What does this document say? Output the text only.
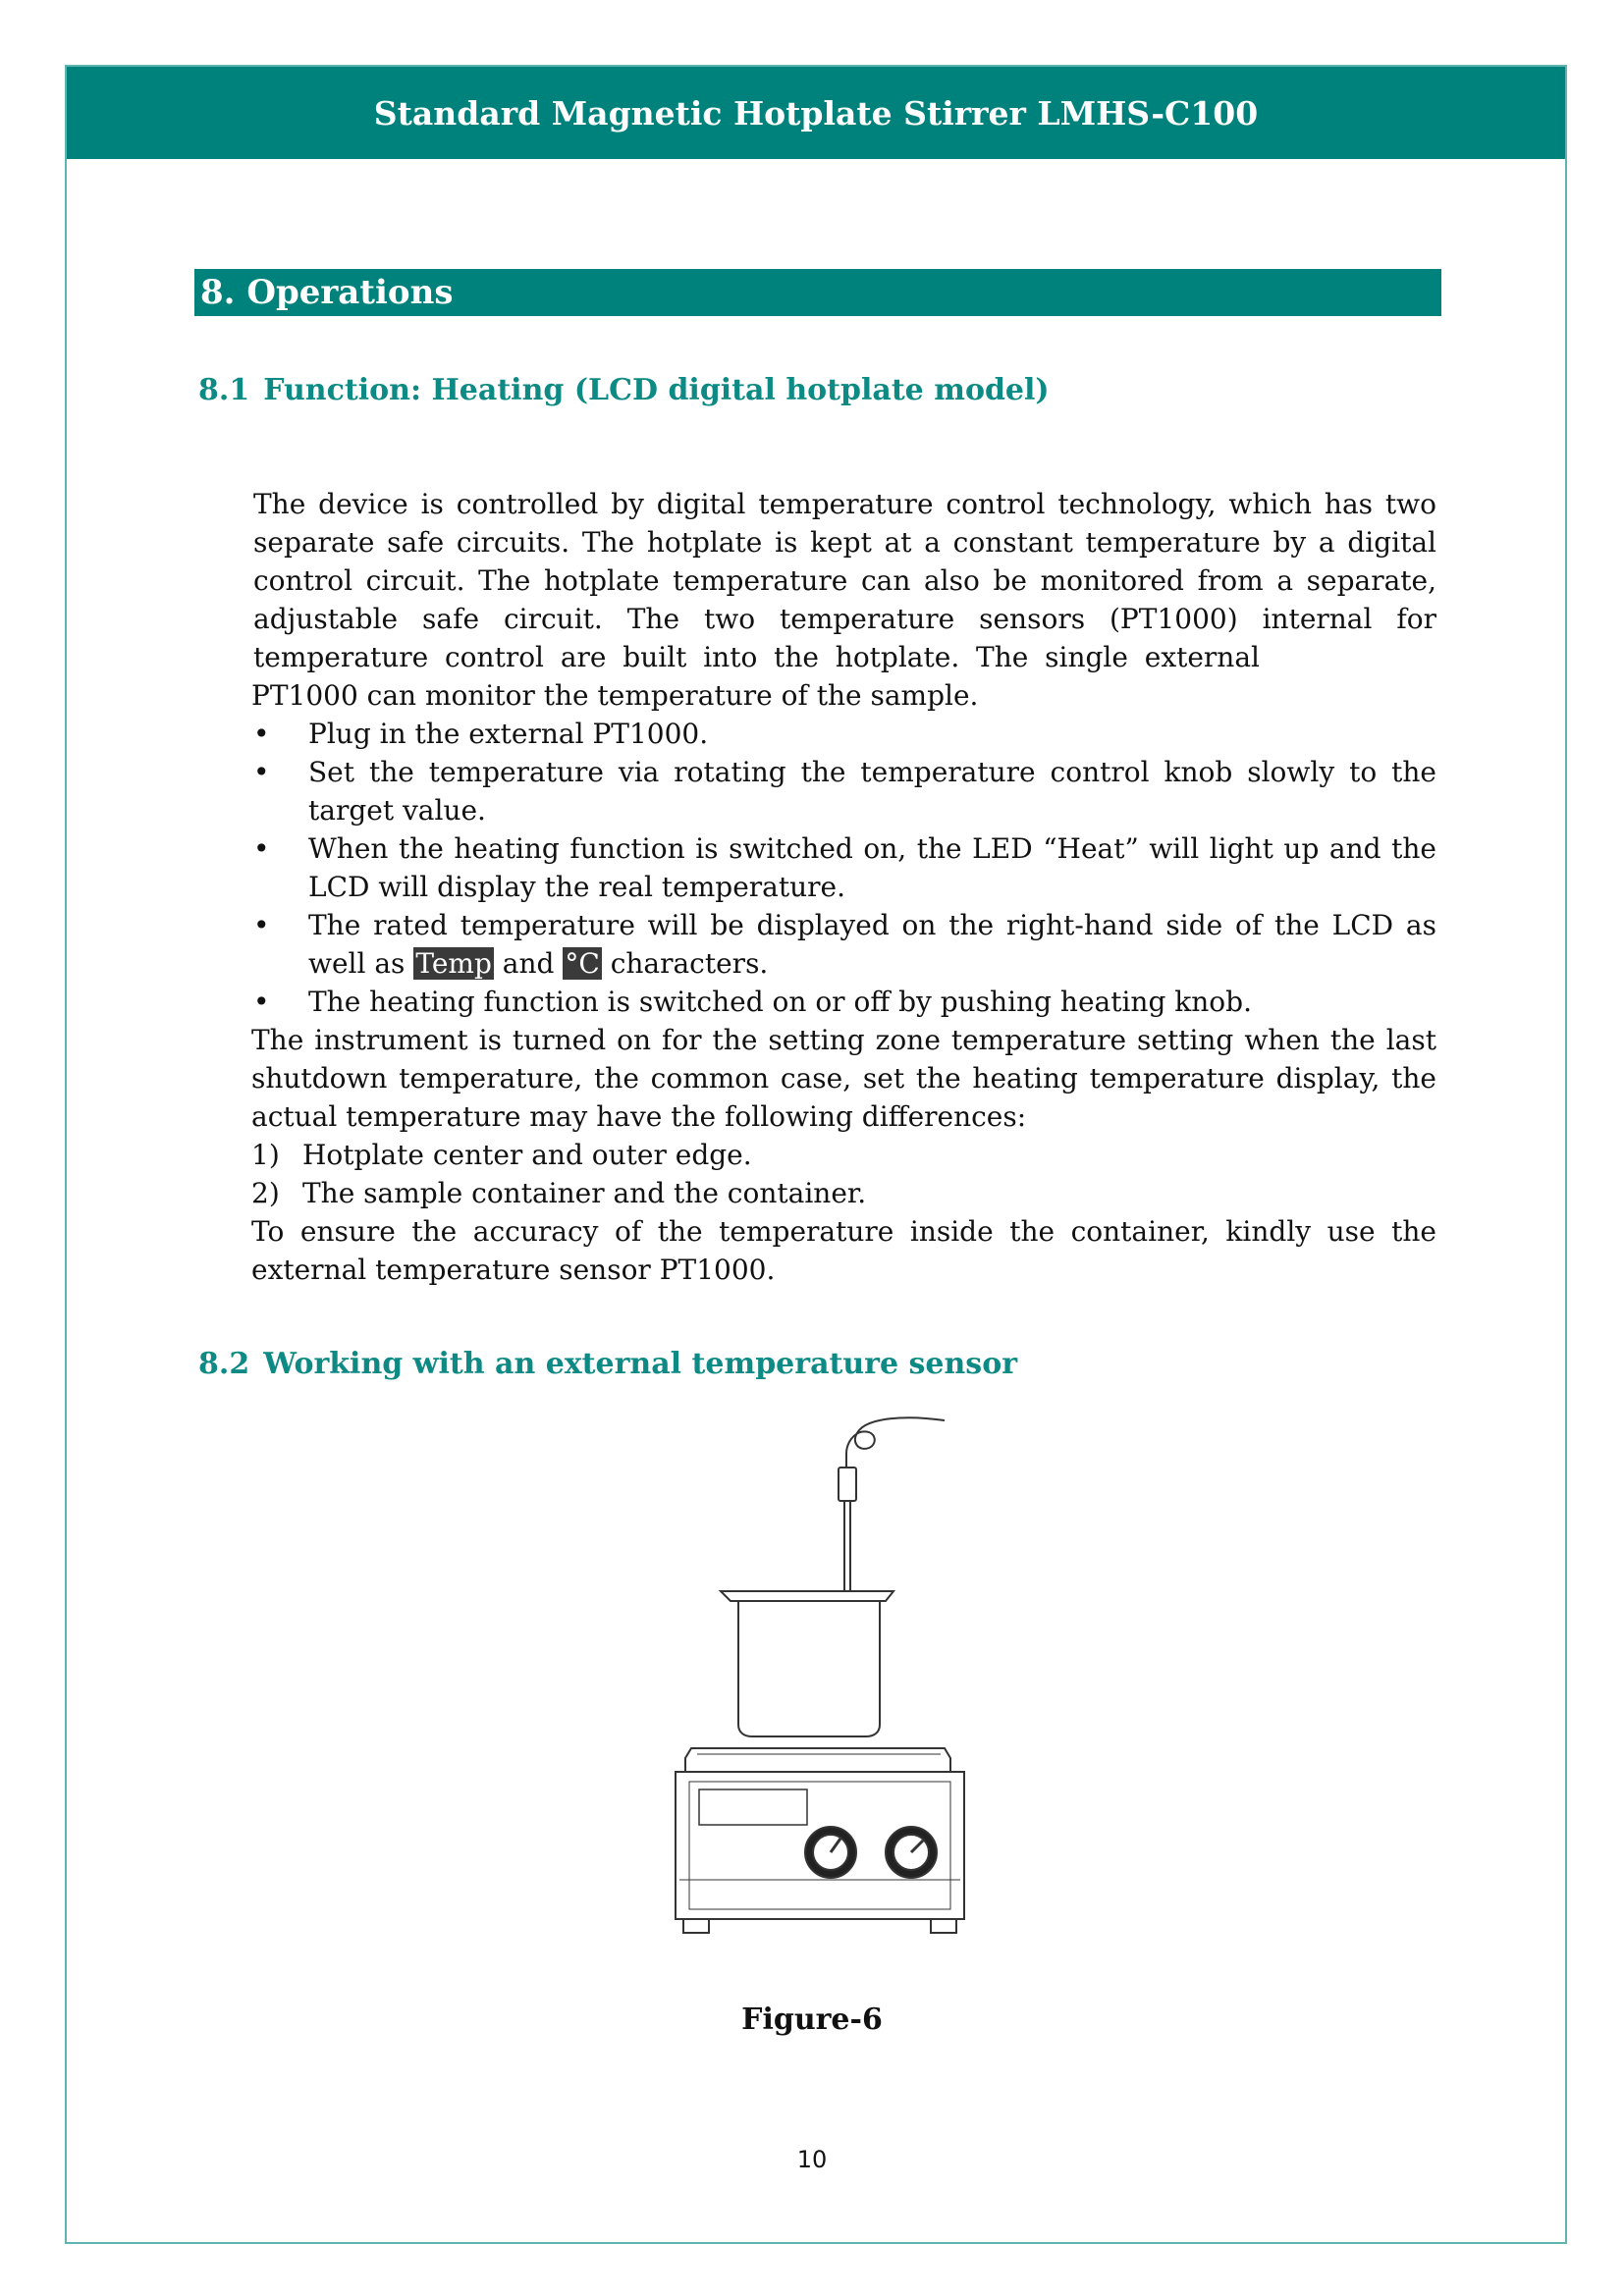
Standard Magnetic Hotplate Stirrer LMHS-C100
8. Operations
8.1 Function: Heating (LCD digital hotplate model)
The device is controlled by digital temperature control technology, which has two
separate safe circuits. The hotplate is kept at a constant temperature by a digital
control circuit. The hotplate temperature can also be monitored from a separate,
adjustable safe circuit. The two temperature sensors (PT1000) internal for
temperature control are built into the hotplate. The single external
PT1000 can monitor the temperature of the sample.
•	Plug in the external PT1000.
•	Set the temperature via rotating the temperature control knob slowly to the target value.
•	When the heating function is switched on, the LED “Heat” will light up and the LCD will display the real temperature.
•	The rated temperature will be displayed on the right-hand side of the LCD as well as Temp and °C characters.
•	The heating function is switched on or off by pushing heating knob.
The instrument is turned on for the setting zone temperature setting when the last shutdown temperature, the common case, set the heating temperature display, the actual temperature may have the following differences:
1) Hotplate center and outer edge.
2) The sample container and the container.
To ensure the accuracy of the temperature inside the container, kindly use the external temperature sensor PT1000.
8.2 Working with an external temperature sensor
Figure-6
10
